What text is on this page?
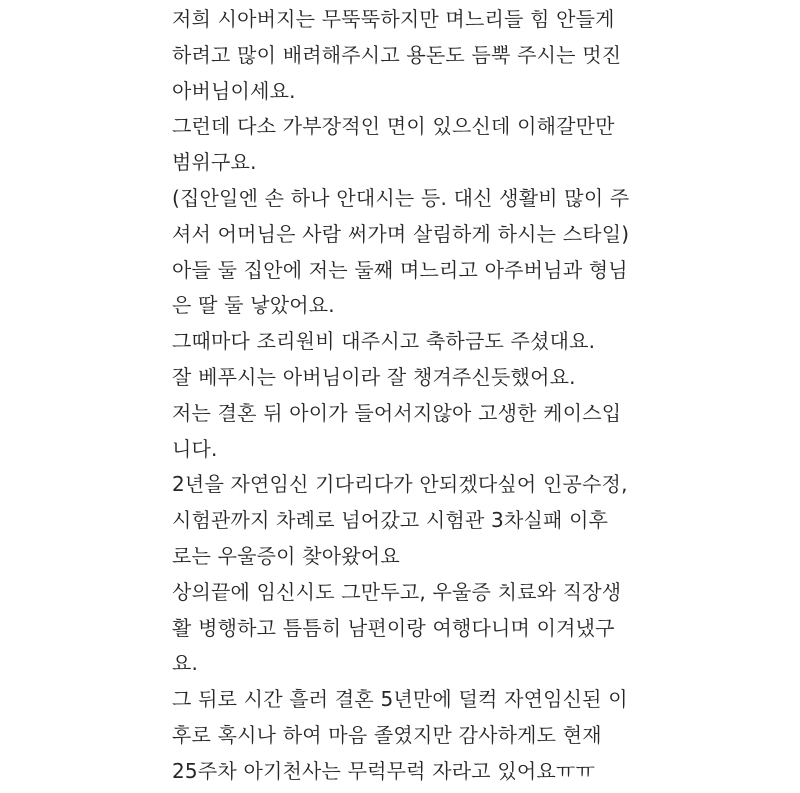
저희 시아버지는 무뚝뚝하지만 며느리들 힘 안들게
하려고 많이 배려해주시고 용돈도 듬뿍 주시는 멋진
아버님이세요.
그런데 다소 가부장적인 면이 있으신데 이해갈만만
범위구요.
(집안일엔 손 하나 안대시는 등. 대신 생활비 많이 주
셔서 어머님은 사람 써가며 살림하게 하시는 스타일)
아들 둘 집안에 저는 둘째 며느리고 아주버님과 형님
은 딸 둘 낳았어요.
그때마다 조리원비 대주시고 축하금도 주셨대요.
잘 베푸시는 아버님이라 잘 챙겨주신듯했어요.
저는 결혼 뒤 아이가 들어서지않아 고생한 케이스입
니다.
2년을 자연임신 기다리다가 안되겠다싶어 인공수정,
시험관까지 차례로 넘어갔고 시험관 3차실패 이후
로는 우울증이 찾아왔어요
상의끝에 임신시도 그만두고, 우울증 치료와 직장생
활 병행하고 틈틈히 남편이랑 여행다니며 이겨냈구
요.
그 뒤로 시간 흘러 결혼 5년만에 덜컥 자연임신된 이
후로 혹시나 하여 마음 졸였지만 감사하게도 현재
25주차 아기천사는 무럭무럭 자라고 있어요ㅠㅠ
